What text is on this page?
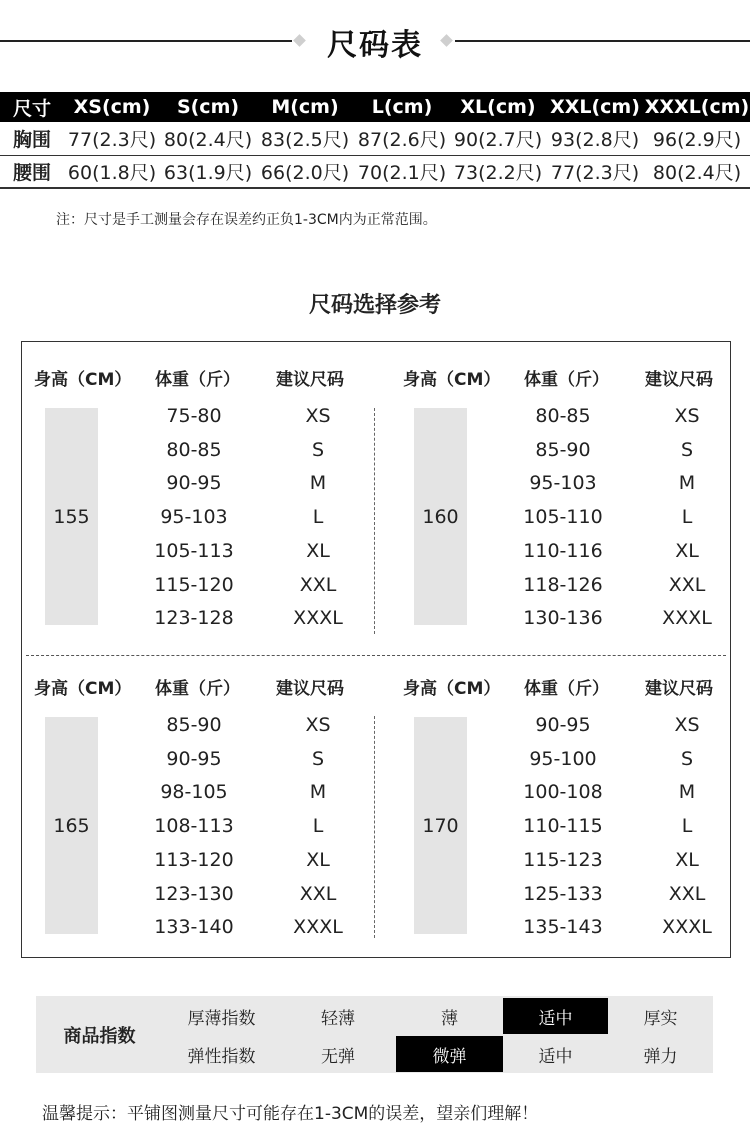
尺码表
尺寸	XS(cm)	S(cm)	M(cm)	L(cm)	XL(cm)	XXL(cm)	XXXL(cm)
胸围	77(2.3尺)	80(2.4尺)	83(2.5尺)	87(2.6尺)	90(2.7尺)	93(2.8尺)	96(2.9尺)
腰围	60(1.8尺)	63(1.9尺)	66(2.0尺)	70(2.1尺)	73(2.2尺)	77(2.3尺)	80(2.4尺)
注：尺寸是手工测量会存在误差约正负1-3CM内为正常范围。
尺码选择参考
身高（CM） 体重（斤） 建议尺码
155
75-80	XS
80-85	S
90-95	M
95-103	L
105-113	XL
115-120	XXL
123-128	XXXL
身高（CM） 体重（斤） 建议尺码
160
80-85	XS
85-90	S
95-103	M
105-110	L
110-116	XL
118-126	XXL
130-136	XXXL
身高（CM） 体重（斤） 建议尺码
165
85-90	XS
90-95	S
98-105	M
108-113	L
113-120	XL
123-130	XXL
133-140	XXXL
身高（CM） 体重（斤） 建议尺码
170
90-95	XS
95-100	S
100-108	M
110-115	L
115-123	XL
125-133	XXL
135-143	XXXL
商品指数
厚薄指数	轻薄	薄	适中	厚实
弹性指数	无弹	微弹	适中	弹力
温馨提示：平铺图测量尺寸可能存在1-3CM的误差，望亲们理解！
